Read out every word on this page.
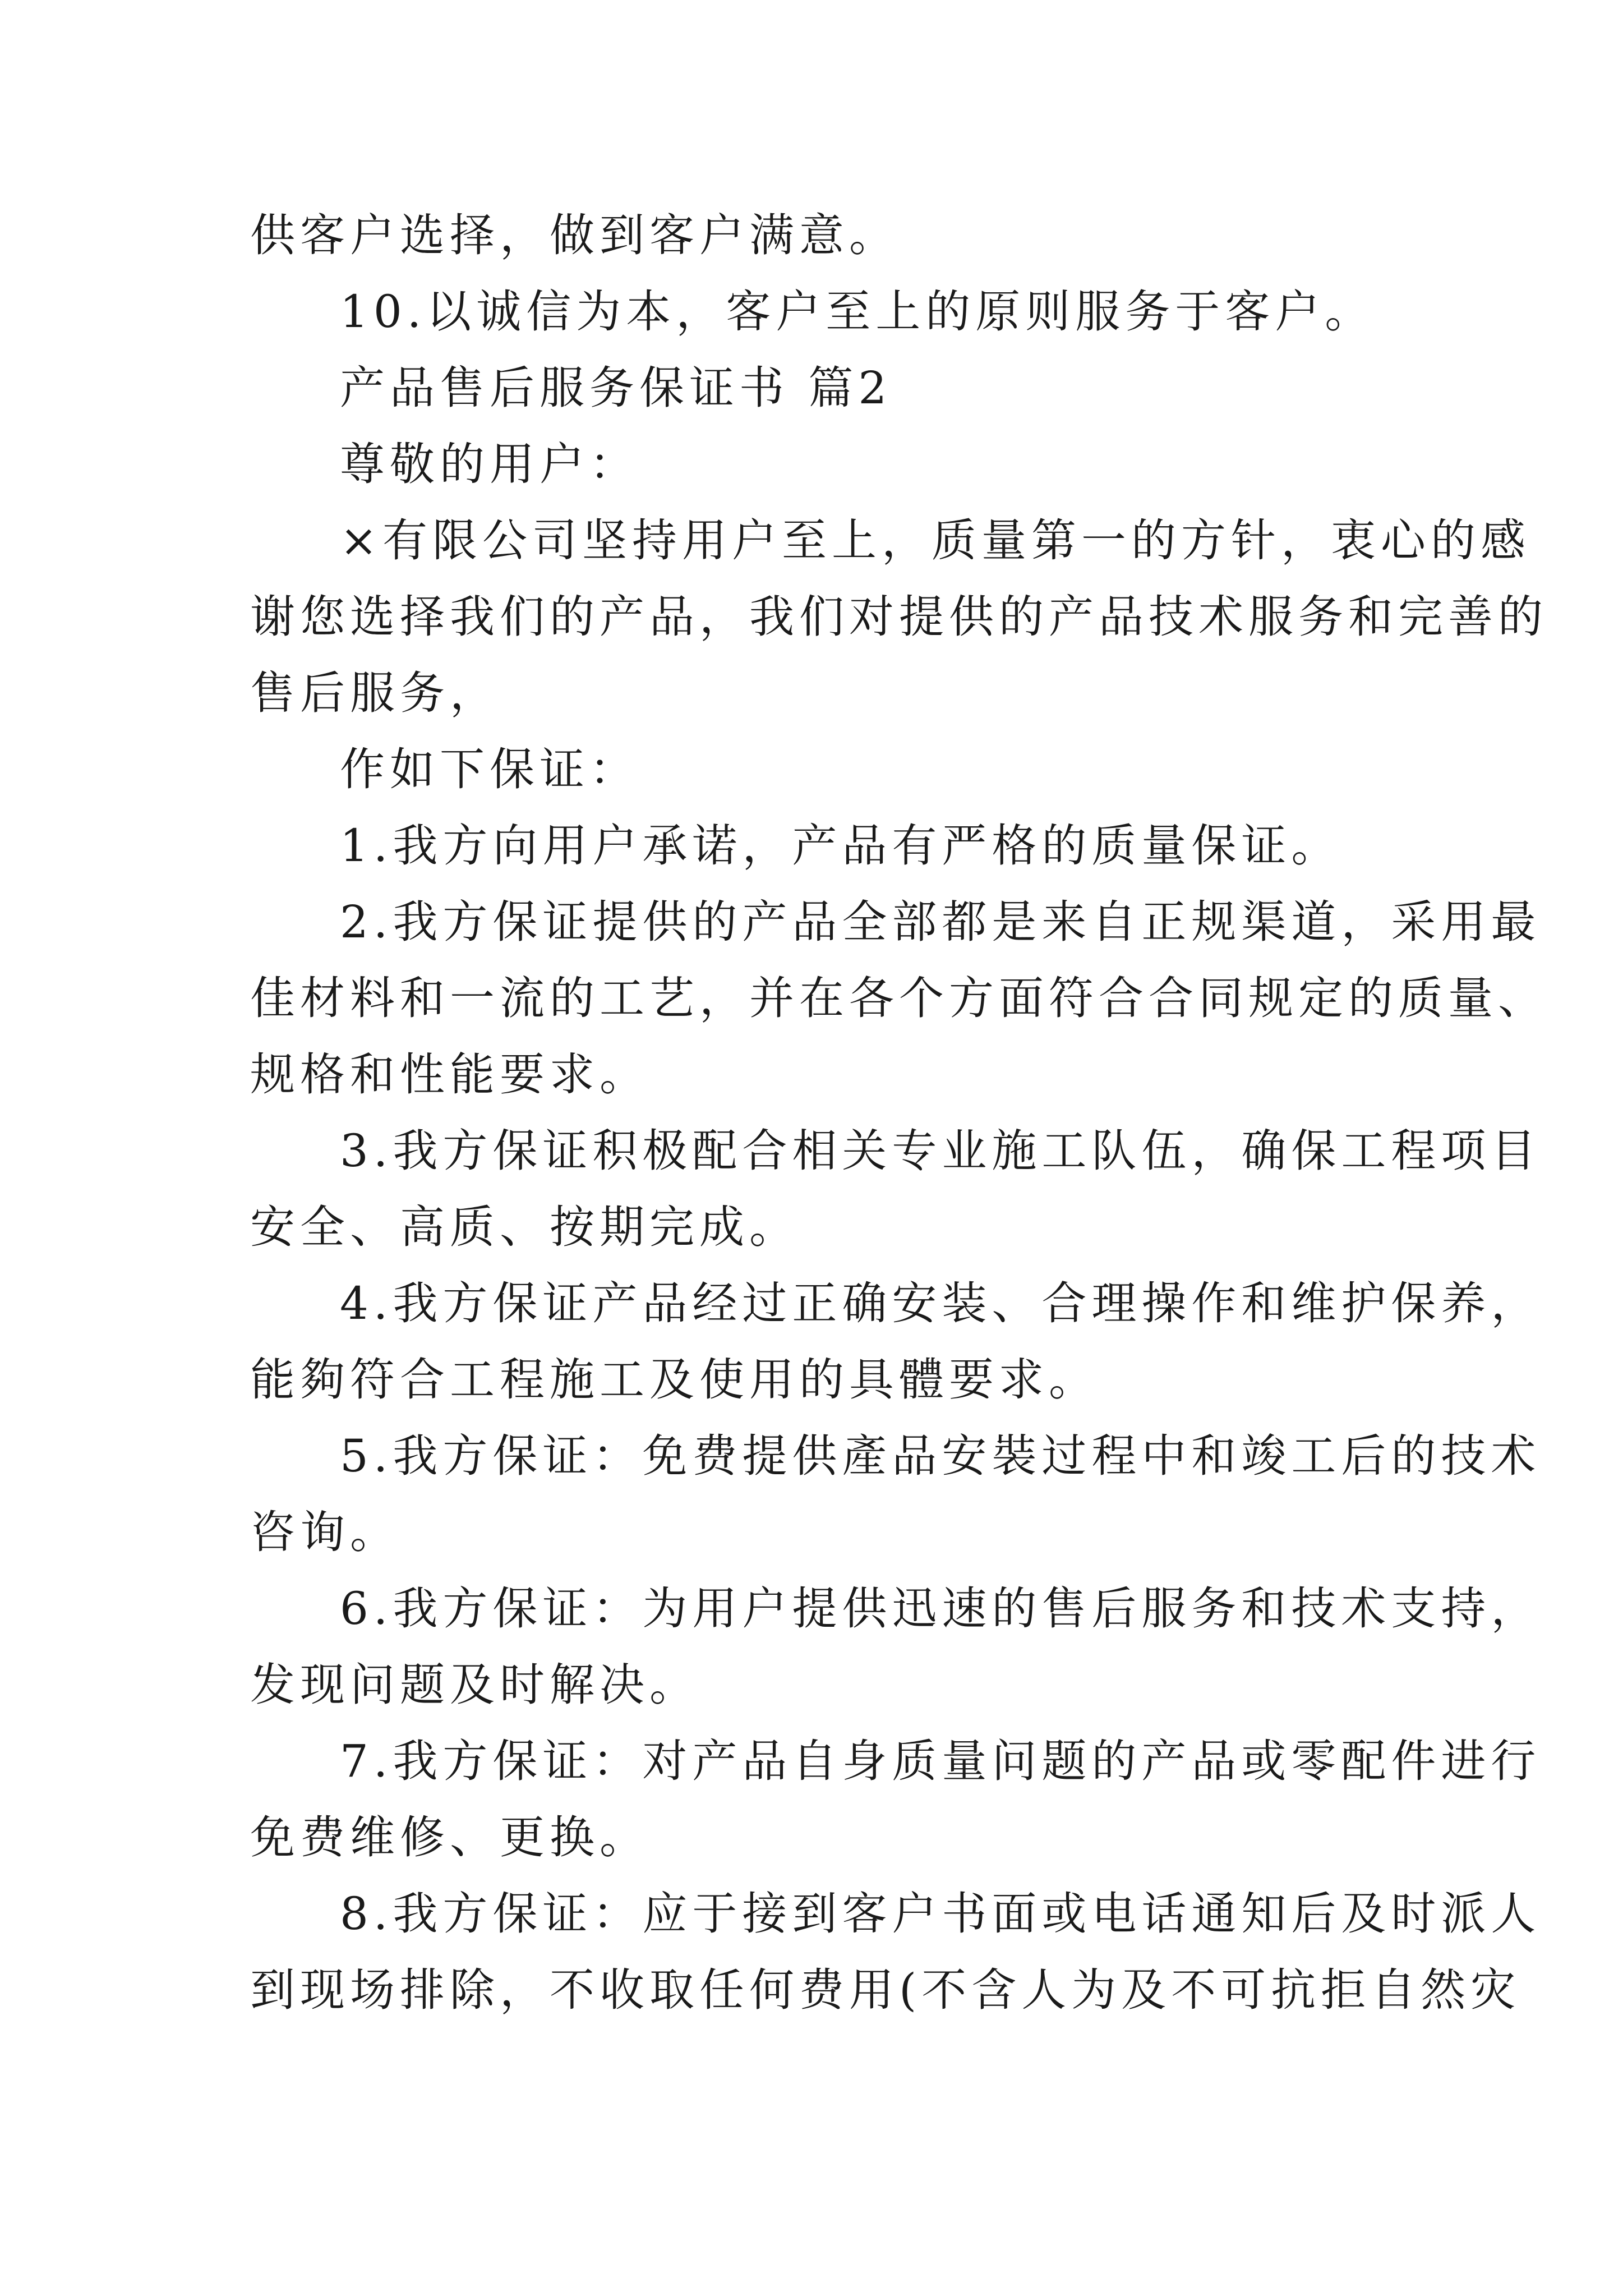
供客户选择，做到客户满意。

10.以诚信为本，客户至上的原则服务于客户。

产品售后服务保证书 篇2

尊敬的用户：

×有限公司坚持用户至上，质量第一的方针，衷心的感

谢您选择我们的产品，我们对提供的产品技术服务和完善的

售后服务，

作如下保证：

1.我方向用户承诺，产品有严格的质量保证。

2.我方保证提供的产品全部都是来自正规渠道，采用最

佳材料和一流的工艺，并在各个方面符合合同规定的质量、

规格和性能要求。

3.我方保证积极配合相关专业施工队伍，确保工程项目

安全、高质、按期完成。

4.我方保证产品经过正确安装、合理操作和维护保养，

能夠符合工程施工及使用的具體要求。

5.我方保证：免费提供產品安裝过程中和竣工后的技术

咨询。

6.我方保证：为用户提供迅速的售后服务和技术支持，

发现问题及时解决。

7.我方保证：对产品自身质量问题的产品或零配件进行

免费维修、更换。

8.我方保证：应于接到客户书面或电话通知后及时派人

到现场排除，不收取任何费用(不含人为及不可抗拒自然灾
